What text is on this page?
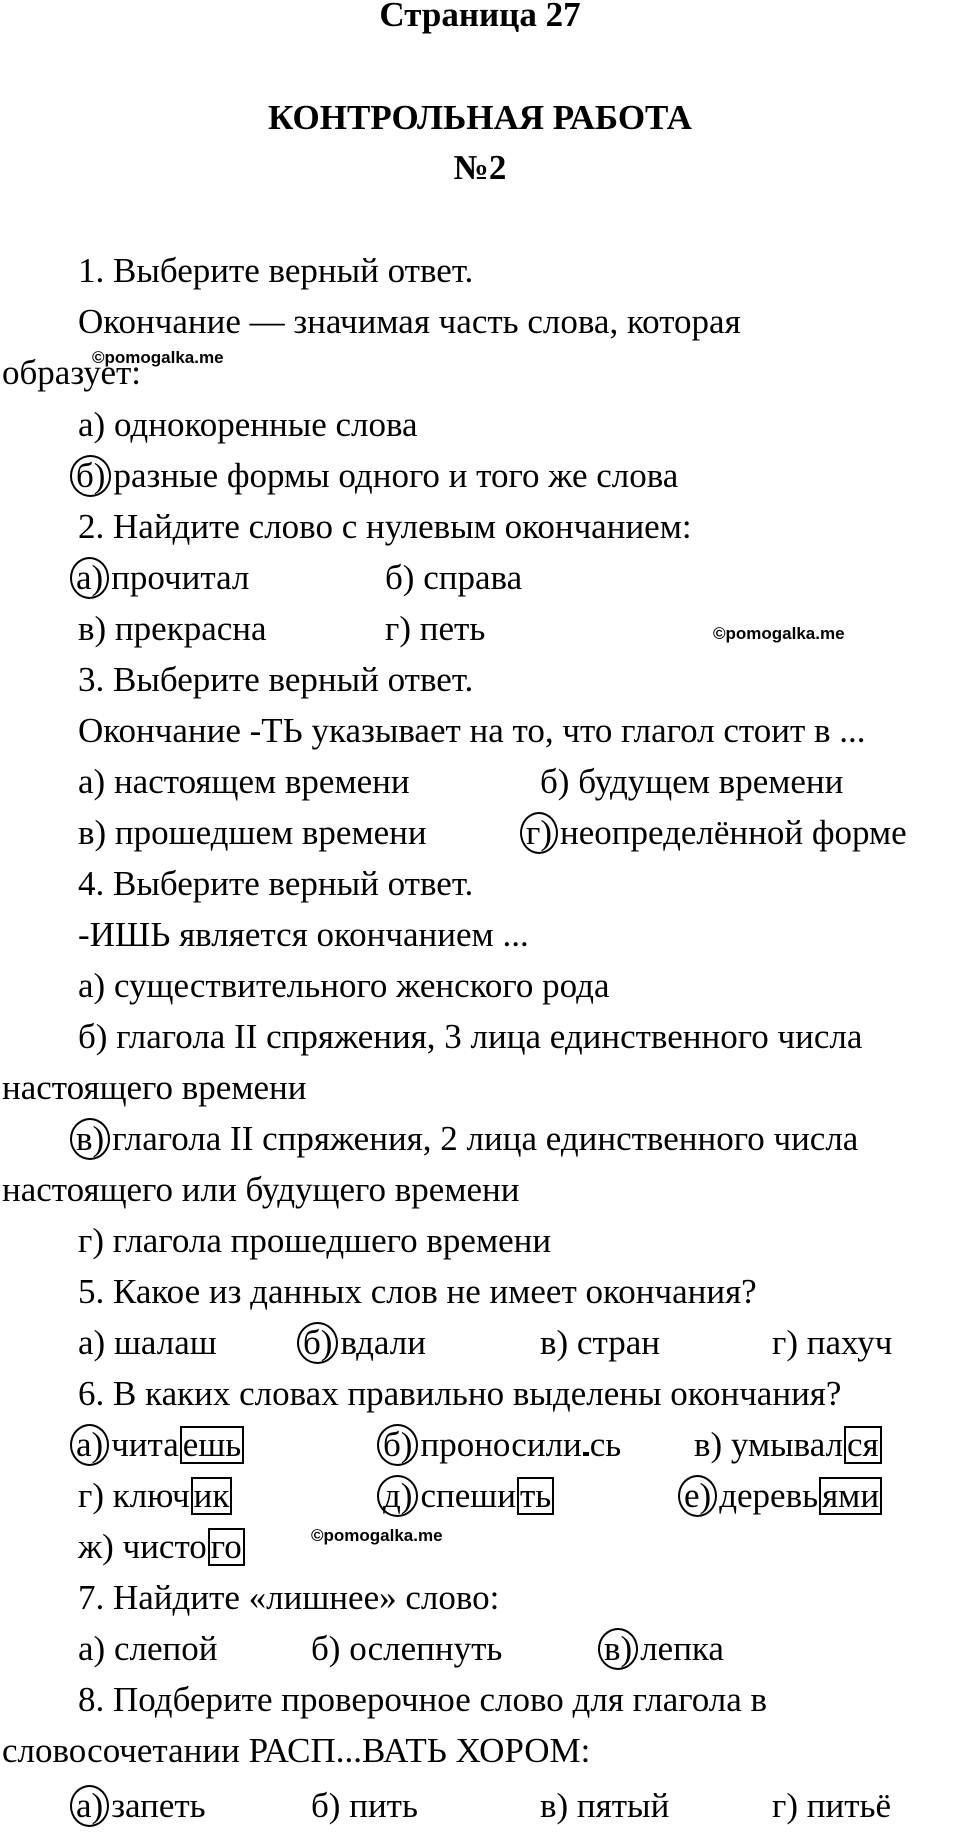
Страница 27
КОНТРОЛЬНАЯ РАБОТА
№2
1. Выберите верный ответ.
Окончание — значимая часть слова, которая
образует:
©pomogalka.me
а) однокоренные слова
б) разные формы одного и того же слова
2. Найдите слово с нулевым окончанием:
а) прочитал	б) справа
в) прекрасна	г) петь	©pomogalka.me
3. Выберите верный ответ.
Окончание -ТЬ указывает на то, что глагол стоит в ...
а) настоящем времени	б) будущем времени
в) прошедшем времени	г) неопределённой форме
4. Выберите верный ответ.
-ИШЬ является окончанием ...
а) существительного женского рода
б) глагола II спряжения, 3 лица единственного числа
настоящего времени
в) глагола II спряжения, 2 лица единственного числа
настоящего или будущего времени
г) глагола прошедшего времени
5. Какое из данных слов не имеет окончания?
а) шалаш б) вдали	в) стран	г) пахуч
6. В каких словах правильно выделены окончания?
а) чита ешь	б) проносили сь в) умывал ся
г) ключ ик	д) спеши ть	е) деревь ями
ж) чисто го	©pomogalka.me
7. Найдите «лишнее» слово:
а) слепой	б) ослепнуть	в) лепка
8. Подберите проверочное слово для глагола в
словосочетании РАСП...ВАТЬ ХОРОМ:
а) запеть	б) пить	в) пятый	г) питьё
